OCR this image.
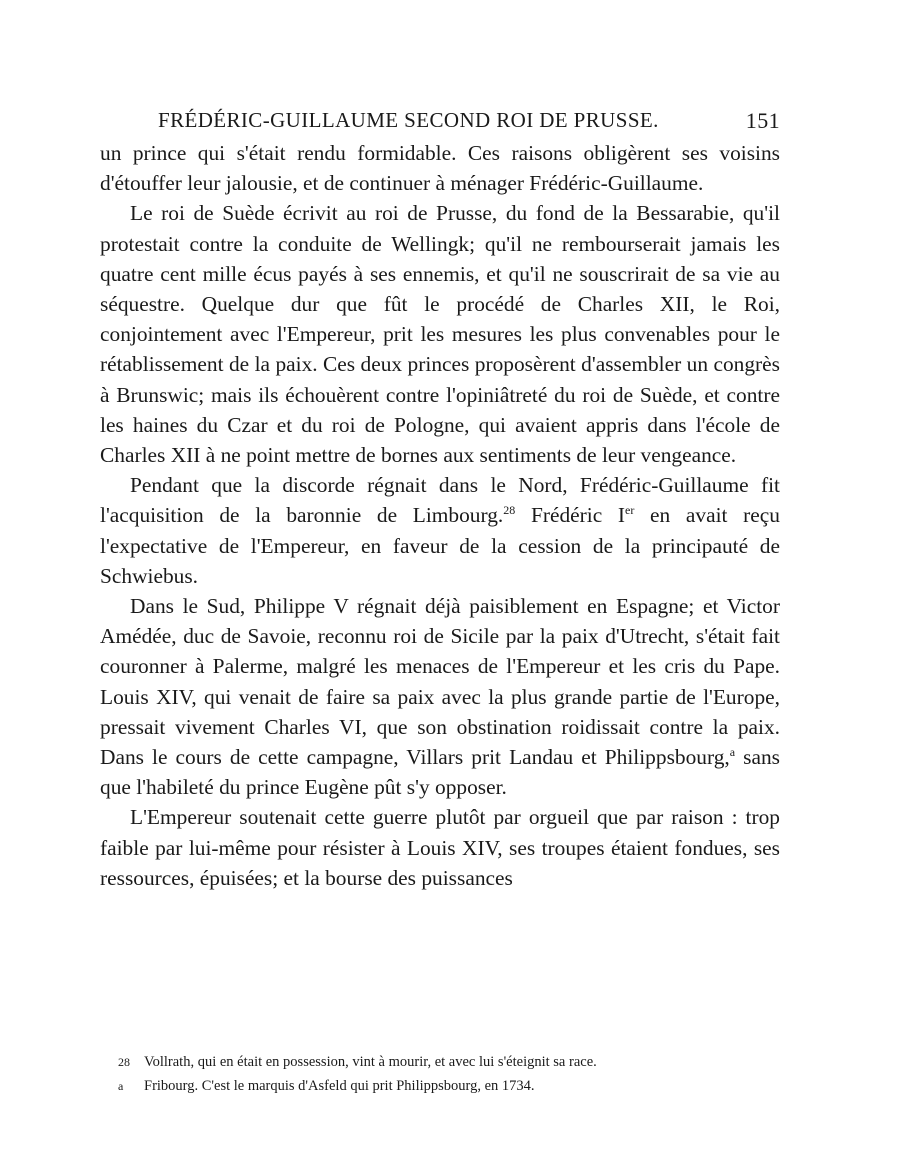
FRÉDÉRIC-GUILLAUME SECOND ROI DE PRUSSE.	151

un prince qui s'était rendu formidable. Ces raisons obligèrent ses voisins d'étouffer leur jalousie, et de continuer à ménager Frédéric-Guillaume.

Le roi de Suède écrivit au roi de Prusse, du fond de la Bessarabie, qu'il protestait contre la conduite de Wellingk; qu'il ne rembourserait jamais les quatre cent mille écus payés à ses ennemis, et qu'il ne souscrirait de sa vie au séquestre. Quelque dur que fût le procédé de Charles XII, le Roi, conjointement avec l'Empereur, prit les mesures les plus convenables pour le rétablissement de la paix. Ces deux princes proposèrent d'assembler un congrès à Brunswic; mais ils échouèrent contre l'opiniâtreté du roi de Suède, et contre les haines du Czar et du roi de Pologne, qui avaient appris dans l'école de Charles XII à ne point mettre de bornes aux sentiments de leur vengeance.

Pendant que la discorde régnait dans le Nord, Frédéric-Guillaume fit l'acquisition de la baronnie de Limbourg.$^{28}$ Frédéric Ier en avait reçu l'expectative de l'Empereur, en faveur de la cession de la principauté de Schwiebus.

Dans le Sud, Philippe V régnait déjà paisiblement en Espagne; et Victor Amédée, duc de Savoie, reconnu roi de Sicile par la paix d'Utrecht, s'était fait couronner à Palerme, malgré les menaces de l'Empereur et les cris du Pape. Louis XIV, qui venait de faire sa paix avec la plus grande partie de l'Europe, pressait vivement Charles VI, que son obstination roidissait contre la paix. Dans le cours de cette campagne, Villars prit Landau et Philippsbourg,$^a$ sans que l'habileté du prince Eugène pût s'y opposer.

L'Empereur soutenait cette guerre plutôt par orgueil que par raison : trop faible par lui-même pour résister à Louis XIV, ses troupes étaient fondues, ses ressources, épuisées; et la bourse des puissances

28 Vollrath, qui en était en possession, vint à mourir, et avec lui s'éteignit sa race.
a Fribourg. C'est le marquis d'Asfeld qui prit Philippsbourg, en 1734.
